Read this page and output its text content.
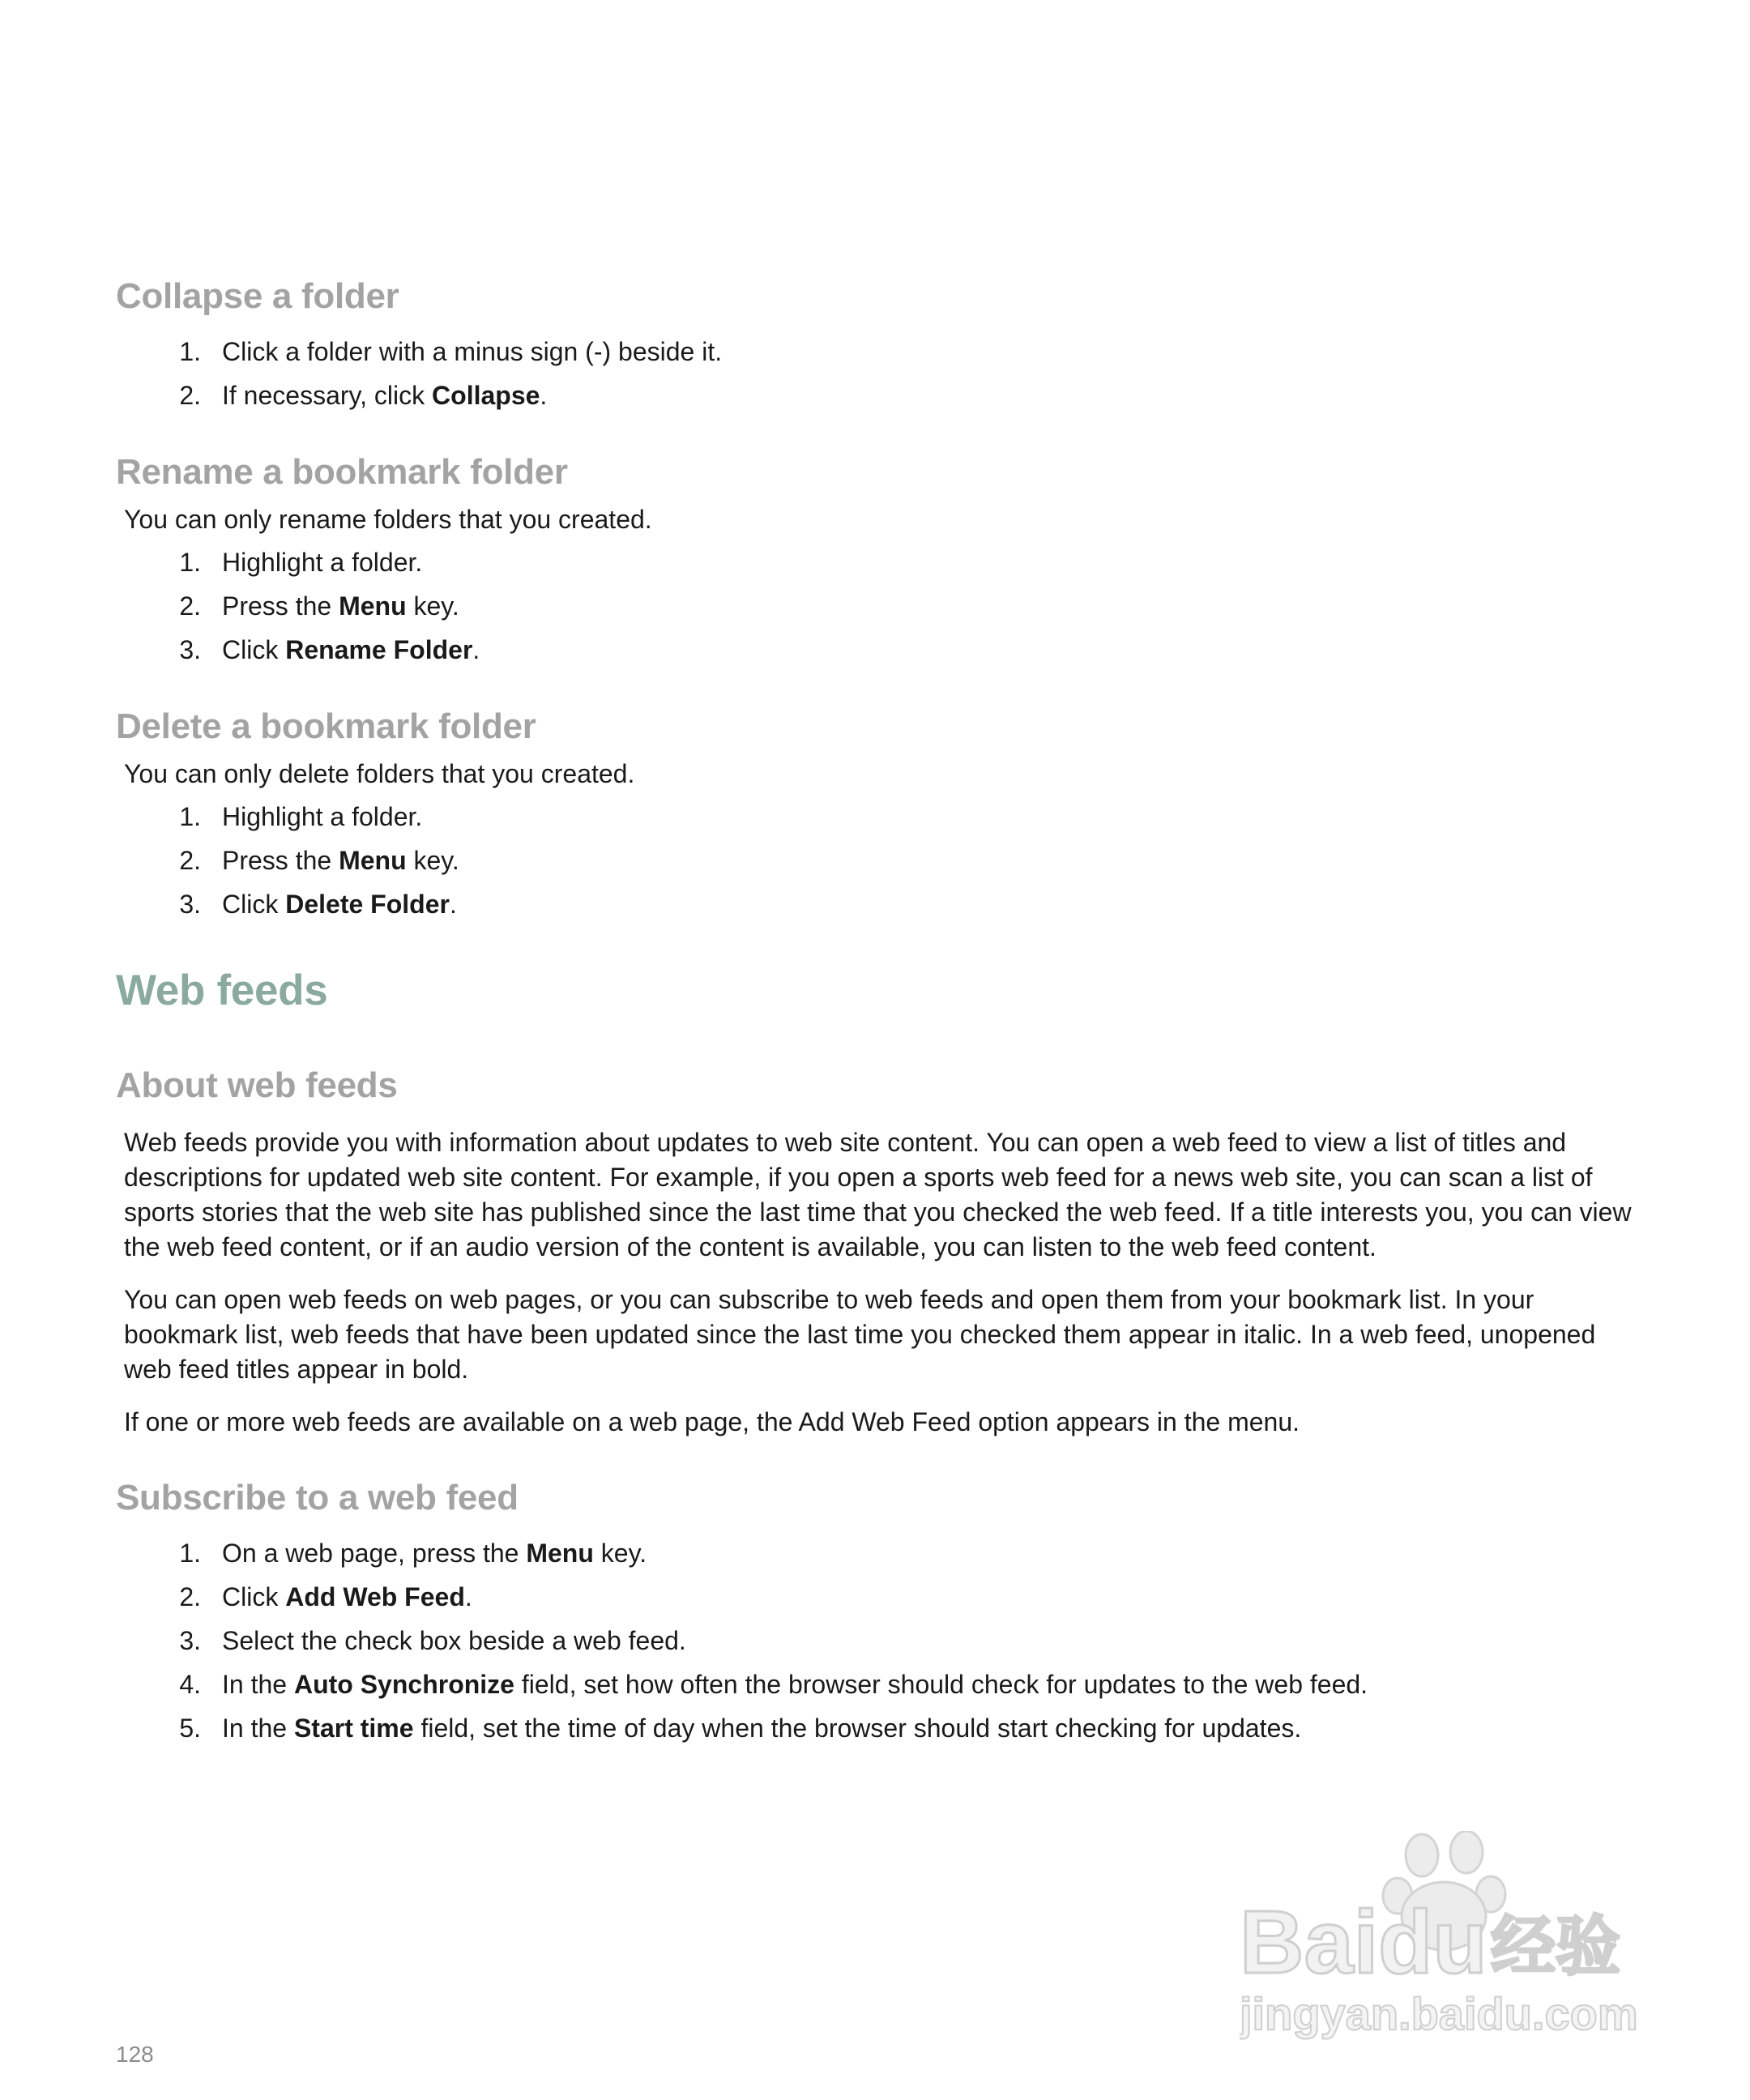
Collapse a folder
1. Click a folder with a minus sign (-) beside it.
2. If necessary, click Collapse.
Rename a bookmark folder

You can only rename folders that you created.

1. Highlight a folder.
2. Press the Menu key.
3. Click Rename Folder.
Delete a bookmark folder

You can only delete folders that you created.

1. Highlight a folder.
2. Press the Menu key.
3. Click Delete Folder.
Web feeds
About web feeds

Web feeds provide you with information about updates to web site content. You can open a web feed to view a list of titles and descriptions for updated web site content. For example, if you open a sports web feed for a news web site, you can scan a list of sports stories that the web site has published since the last time that you checked the web feed. If a title interests you, you can view the web feed content, or if an audio version of the content is available, you can listen to the web feed content.

You can open web feeds on web pages, or you can subscribe to web feeds and open them from your bookmark list. In your bookmark list, web feeds that have been updated since the last time you checked them appear in italic. In a web feed, unopened web feed titles appear in bold.

If one or more web feeds are available on a web page, the Add Web Feed option appears in the menu.

Subscribe to a web feed
1. On a web page, press the Menu key.
2. Click Add Web Feed.
3. Select the check box beside a web feed.
4. In the Auto Synchronize field, set how often the browser should check for updates to the web feed.
5. In the Start time field, set the time of day when the browser should start checking for updates.
Baidu 经验
jingyan.baidu.com
128
